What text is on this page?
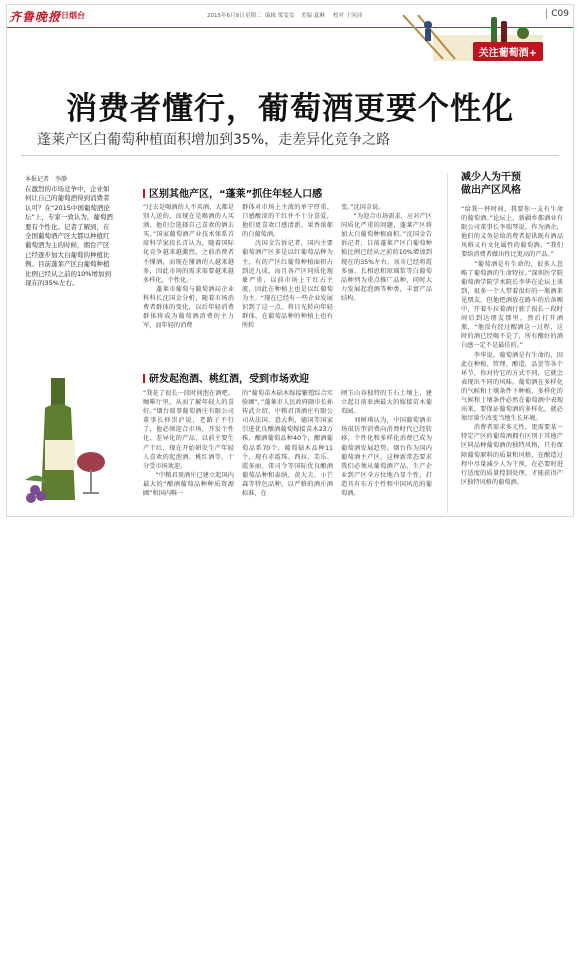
齐鲁晚报
今日烟台	2015年6月9日 星期二 编辑 梁雯雯 美编 夏琳 校对 于同沛	C09
关注葡萄酒+
消费者懂行，葡萄酒更要个性化
蓬莱产区白葡萄种植面积增加到35%，走差异化竞争之路
本报记者　李静
在激烈的市场竞争中，企业如何让自己的葡萄酒得到消费者认可？在“2015中国葡萄酒论坛”上，专家一致认为，葡萄酒要有个性化。记者了解到，在全国葡萄酒产区大都以种植红葡萄酒为主的时候，烟台产区已经逐步加大白葡萄的种植比例。目前蓬莱产区白葡萄种植比例已经从之前的10%增加到现在的35%左右。
区别其他产区，“蓬莱”抓住年轻人口感
“过去是喝酒的人不买酒，大都是别人送的，而现在是喝酒的人买酒，他们会选择自己喜欢的酒去买。”国家葡萄酒产业技术体系首席科学家段长青认为，随着国际化竞争越来越激烈，之前消费者不懂酒，而现在懂酒的人越来越多，因此市场的需求需要越来越多样化、个性化。
　　蓬莱市葡萄与葡萄酒局企业科科长沈国金分析，随着市场消费者群体的变化，以后年轻消费群体将成为葡萄酒消费的主力军，而年轻的消费
群体对市场上主流的单宁厚重、口感酸涩的干红并不十分喜爱，他们更喜欢口感清新、果香浓郁的白葡萄酒。
　　沈国金告诉记者，国内主要葡萄酒产区多是以红葡萄品种为主，有的产区红葡萄种植面积占到近九成，而且各产区同质化现象严重，以前市场上干红占主流，因此在种植上也是以红葡萄为主。“现在已经有一些企业发展识到了这一点，将目光转向年轻群体，在葡萄品种的种植上也有所转
变。”沈国金说。
　　“为迎合市场需求，应对产区同质化严重的问题，蓬莱产区将加大白葡萄种植面积。”沈国金告诉记者，目前蓬莱产区白葡萄种植比例已经从之前的10%增加到现在的35%左右。该市已经将霞多丽、长相思和琼瑶浆等白葡萄品种列为重点推广品种，同时大力发展起泡酒等种类，丰富产品结构。
研发起泡酒、桃红酒，受到市场欢迎
“我花了很长一段时间泡在酒吧、咖啡厅里，从而了解年轻人的喜好。”烟台瑞事葡萄酒庄有限公司董事长仲崇沪说，老路子不行了，他必须迎合市场，开发个性化、差异化的产品，以前主要生产干红，现在开始研发生产年轻人喜欢的起泡酒、桃红酒等，十分受市场欢迎。
　　“中粮君顶酒庄已建立起国内最大的“酿酒葡萄品种种质资源圃”和国内唯一
的“葡萄苗木砧木嫁接繁殖综合实验圃”，”蓬莱市人民政府副市长孙传武介绍，中粮君顶酒庄有限公司从法国、意大利、德国等国家引进优良酿酒葡萄嫁接苗木23万株，酿酒葡萄品种40个，酿酒葡萄品系70个，葡萄砧木品种11个，现有赤霞珠、西拉、美乐、霞多丽、雷司令等国际优良酿酒葡萄品种和泰纳、黄大夫、小芒森等特色品种，以严格的酒庄酒标准，在
闸玉山谷独特的玉石土壤上，建立起目前亚洲最大的嫁接苗木葡萄园。
　　刘树琪认为，中国葡萄酒市场很仿型消费向消费时代已经转移，个性化和多样化消费已成为葡萄酒发展趋势。烟台作为国内葡萄酒主产区，这种新常态要求我们必须从葡萄酒产品、生产企业到产区全方位地凸显个性，打造具有东方个性和中国风范的葡萄酒。
减少人为干预
做出产区风格
“给我一杯时间，我要你一支有生命的葡萄酒。”论坛上，新疆乡都酒业有限公司董事长李瑞琴说，作为酒企，他们的义务是给消费者提供既有酒品风格又有文化属性的葡萄酒。“我们要给消费者做出性比更高的产品。”
　　“葡萄酒是有生命的，很多人忽略了葡萄酒的生命特征。”深圳医学院葡萄酒学院学术院长李华在论坛上谈到，很多一个人带着很好的一瓶酒来见朋友，但他把酒放在路车的后备厢中，开着车拉着酒行驶了很长一段时间后到达朋友那里，然后打开酒瓶，“他没有经过醒酒这一过程，这时的酒已经喝不是了，所有酿好的酒白感一定不是最佳的。”
　　李华说，葡萄酒是有生命的，因此在种植、管理、酿造、品尝等各个环节，你对待它的方式不同，它就会表现出不同的风味。葡萄酒在多样化的气候和土壤条件下种植，多样化的气候和土壤条件必然在葡萄酒中表现出来，要保证葡萄酒的多样化，就必须尽量少改变当地生长环境。
　　消费者需求多元性，更需要某一特定产区的葡萄酒拥有区别于其他产区同品种葡萄酒的独特风格，只有保障葡萄原料的质量和风格，在酿造过程中尽量减少人为干预，在必要时进行适度的质量控制处理，才能获得产区独特风格的葡萄酒。
